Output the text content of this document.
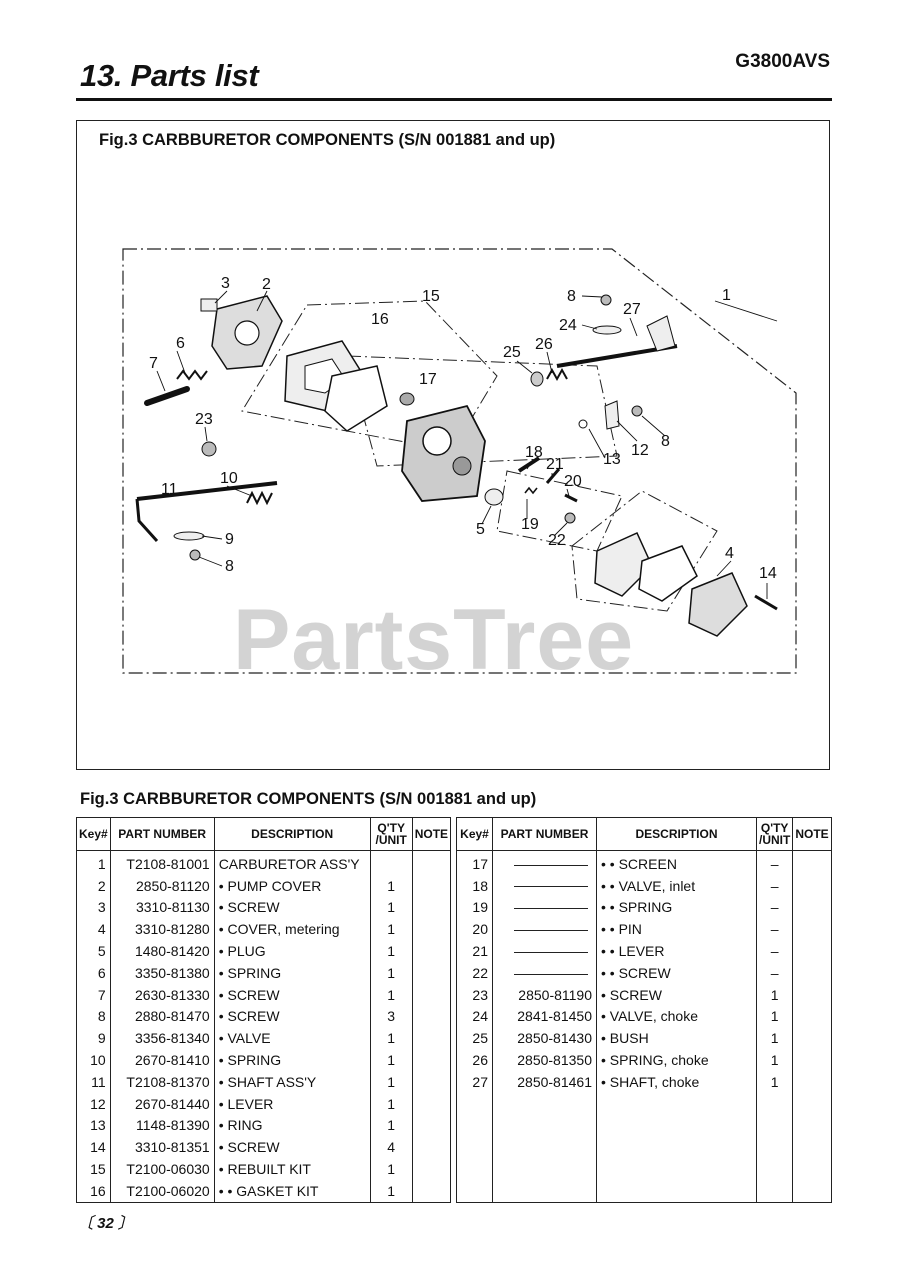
13. Parts list	G3800AVS
Fig.3 CARBBURETOR COMPONENTS (S/N 001881 and up)
3 2
15
16
6
7
17
23
10
11
9
8
8	1
27
24
26
25
13
12
8
18
21
20
19
22
5
4
14
PartsTree
Fig.3 CARBBURETOR COMPONENTS (S/N 001881 and up)
Key#	PART NUMBER	DESCRIPTION	Q'TY
/UNIT	NOTE
1	T2108-81001	CARBURETOR ASS'Y		
2	2850-81120	• PUMP COVER	1	
3	3310-81130	• SCREW	1	
4	3310-81280	• COVER, metering	1	
5	1480-81420	• PLUG	1	
6	3350-81380	• SPRING	1	
7	2630-81330	• SCREW	1	
8	2880-81470	• SCREW	3	
9	3356-81340	• VALVE	1	
10	2670-81410	• SPRING	1	
11	T2108-81370	• SHAFT ASS'Y	1	
12	2670-81440	• LEVER	1	
13	1148-81390	• RING	1	
14	3310-81351	• SCREW	4	
15	T2100-06030	• REBUILT KIT	1	
16	T2100-06020	• • GASKET KIT	1	
Key#	PART NUMBER	DESCRIPTION	Q'TY
/UNIT	NOTE
17		• • SCREEN	–	
18		• • VALVE, inlet	–	
19		• • SPRING	–	
20		• • PIN	–	
21		• • LEVER	–	
22		• • SCREW	–	
23	2850-81190	• SCREW	1	
24	2841-81450	• VALVE, choke	1	
25	2850-81430	• BUSH	1	
26	2850-81350	• SPRING, choke	1	
27	2850-81461	• SHAFT, choke	1	

〔 32 〕
